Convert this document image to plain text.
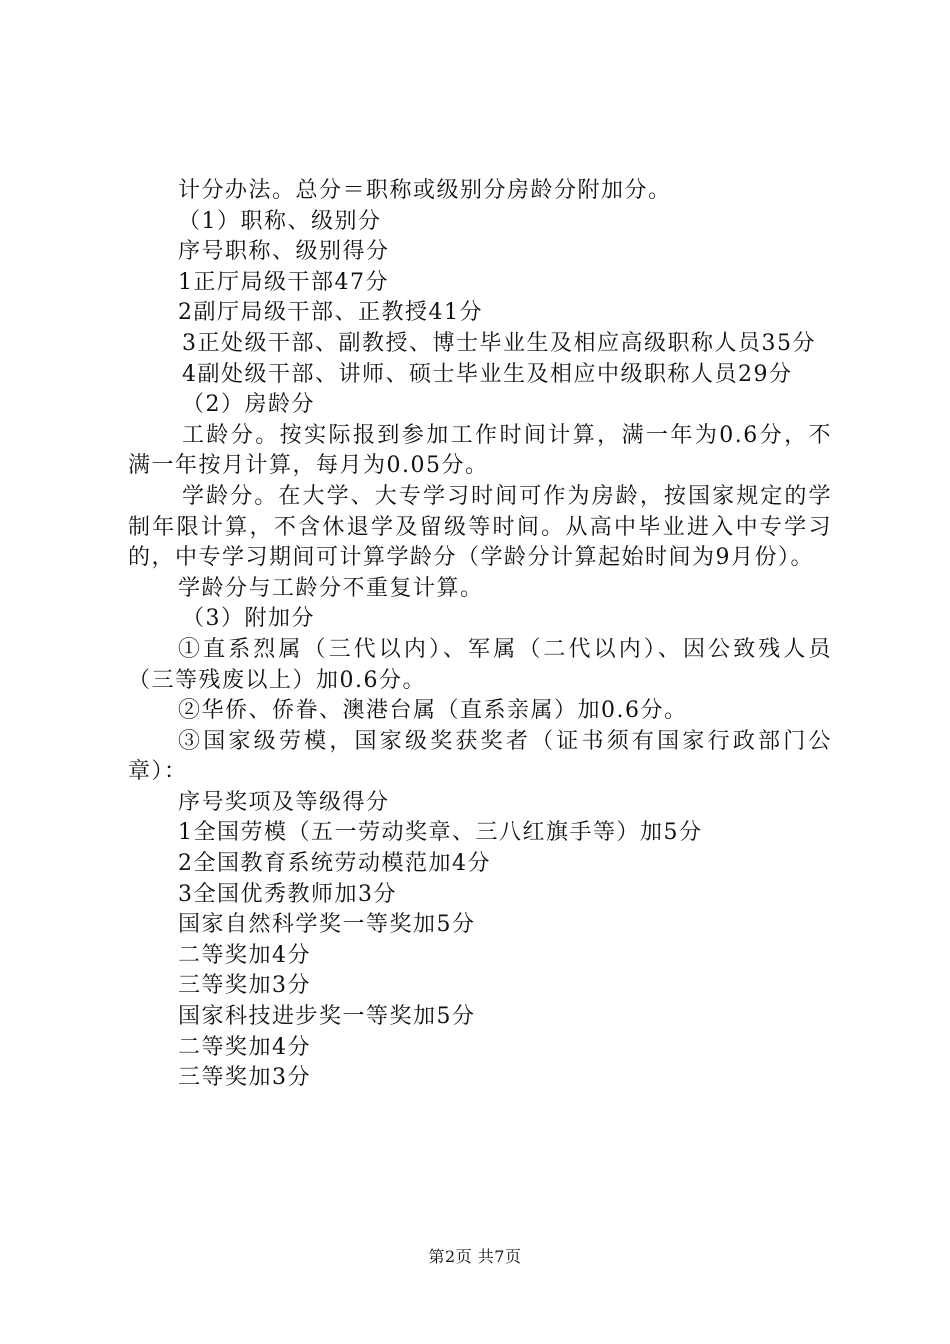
计分办法。总分＝职称或级别分房龄分附加分。

（1）职称、级别分

序号职称、级别得分

1正厅局级干部47分

2副厅局级干部、正教授41分

3正处级干部、副教授、博士毕业生及相应高级职称人员35分

4副处级干部、讲师、硕士毕业生及相应中级职称人员29分

（2）房龄分

工龄分。按实际报到参加工作时间计算，满一年为0.6分，不满一年按月计算，每月为0.05分。

学龄分。在大学、大专学习时间可作为房龄，按国家规定的学制年限计算，不含休退学及留级等时间。从高中毕业进入中专学习的，中专学习期间可计算学龄分（学龄分计算起始时间为9月份）。

学龄分与工龄分不重复计算。

（3）附加分

①直系烈属（三代以内）、军属（二代以内）、因公致残人员（三等残废以上）加0.6分。

②华侨、侨眷、澳港台属（直系亲属）加0.6分。

③国家级劳模，国家级奖获奖者（证书须有国家行政部门公章）：

序号奖项及等级得分

1全国劳模（五一劳动奖章、三八红旗手等）加5分

2全国教育系统劳动模范加4分

3全国优秀教师加3分

国家自然科学奖一等奖加5分

二等奖加4分

三等奖加3分

国家科技进步奖一等奖加5分

二等奖加4分

三等奖加3分

第2页 共7页
